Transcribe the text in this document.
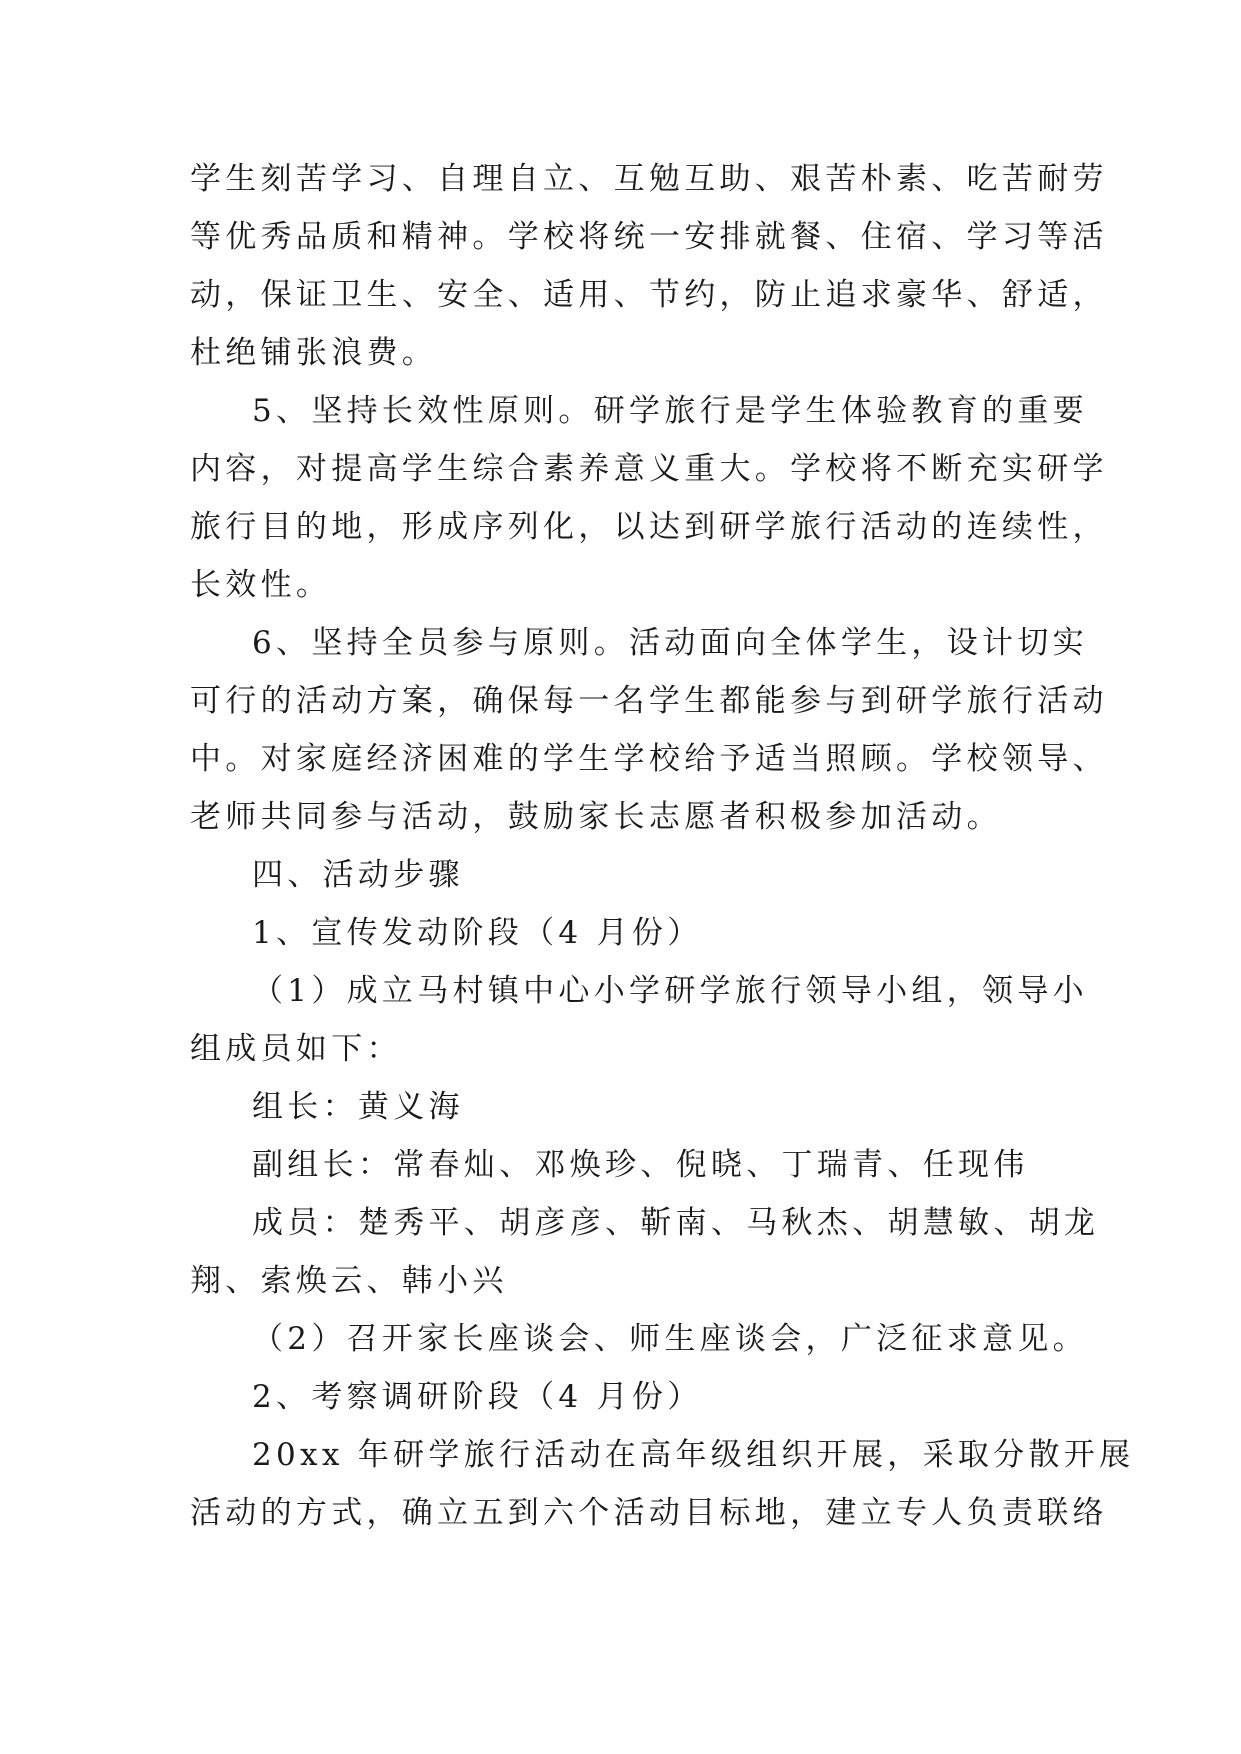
学生刻苦学习、自理自立、互勉互助、艰苦朴素、吃苦耐劳
等优秀品质和精神。学校将统一安排就餐、住宿、学习等活
动，保证卫生、安全、适用、节约，防止追求豪华、舒适，
杜绝铺张浪费。
5、坚持长效性原则。研学旅行是学生体验教育的重要
内容，对提高学生综合素养意义重大。学校将不断充实研学
旅行目的地，形成序列化，以达到研学旅行活动的连续性，
长效性。
6、坚持全员参与原则。活动面向全体学生，设计切实
可行的活动方案，确保每一名学生都能参与到研学旅行活动
中。对家庭经济困难的学生学校给予适当照顾。学校领导、
老师共同参与活动，鼓励家长志愿者积极参加活动。
四、活动步骤
1、宣传发动阶段（4 月份）
（1）成立马村镇中心小学研学旅行领导小组，领导小
组成员如下：
组长：黄义海
副组长：常春灿、邓焕珍、倪晓、丁瑞青、任现伟
成员：楚秀平、胡彦彦、靳南、马秋杰、胡慧敏、胡龙
翔、索焕云、韩小兴
（2）召开家长座谈会、师生座谈会，广泛征求意见。
2、考察调研阶段（4 月份）
20xx 年研学旅行活动在高年级组织开展，采取分散开展
活动的方式，确立五到六个活动目标地，建立专人负责联络
